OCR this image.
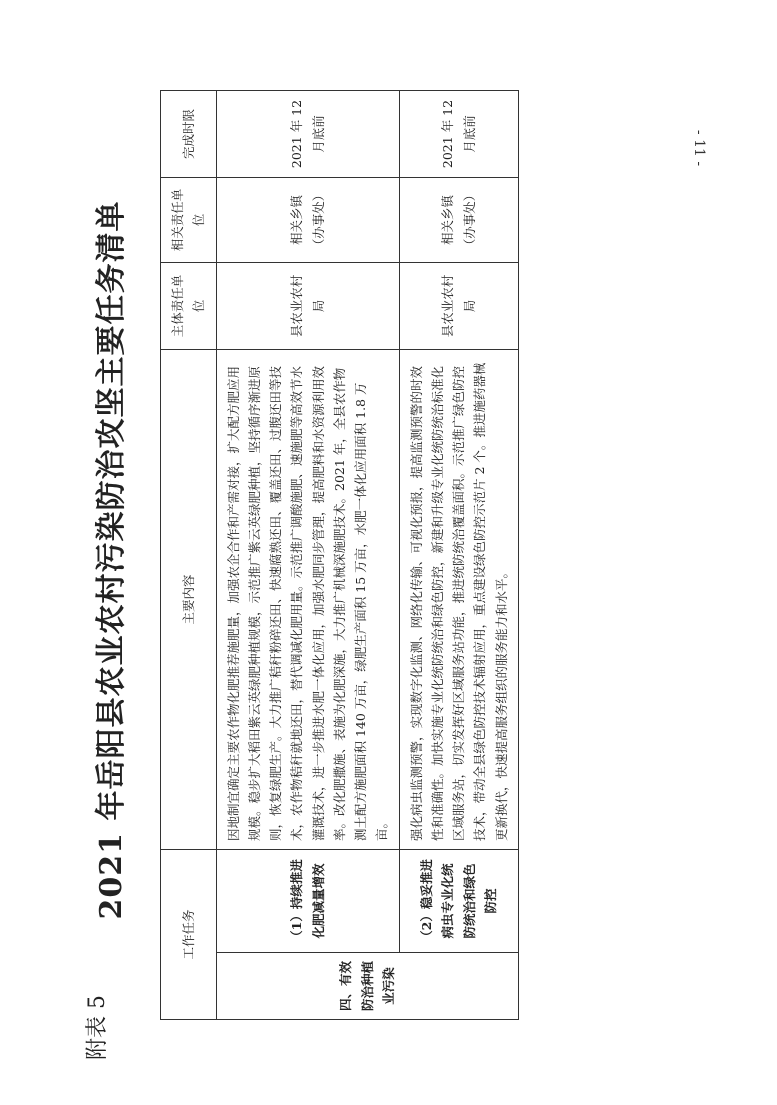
- 11 -
附表 5
2021 年岳阳县农业农村污染防治攻坚主要任务清单
工作任务		主要内容	主体责任单位	相关责任单位	完成时限
四、有效防治种植业污染	（1）持续推进化肥减量增效	因地制宜确定主要农作物化肥推荐施肥量，加强农企合作和产需对接，扩大配方肥应用规模。稳步扩大稻田紫云英绿肥种植规模，示范推广紫云英绿肥种植，坚持循序渐进原则，恢复绿肥生产。大力推广秸秆粉碎还田、快速腐熟还田、覆盖还田、过腹还田等技术，农作物秸秆就地还田，替代调减化肥用量。示范推广调酸施肥、速施肥等高效节水灌溉技术，进一步推进水肥一体化应用，加强水肥同步管理，提高肥料和水资源利用效率。改化肥撒施、表施为化肥深施，大力推广机械深施肥技术。2021 年，全县农作物测土配方施肥面积 140 万亩，绿肥生产面积 15 万亩，水肥一体化应用面积 1.8 万亩。	县农业农村局	相关乡镇（办事处）	2021 年 12 月底前
	（2）稳妥推进病虫专业化统防统治和绿色防控	强化病虫监测预警，实现数字化监测、网络化传输、可视化预报，提高监测预警的时效性和准确性。加快实施专业化统防统治和绿色防控，新建和升级专业化统防统治标准化区域服务站，切实发挥好区域服务站功能，推进统防统治覆盖面积。示范推广绿色防控技术，带动全县绿色防控技术辐射应用，重点建设绿色防控示范片 2 个。推进施药器械更新换代，快速提高服务组织的服务能力和水平。	县农业农村局	相关乡镇（办事处）	2021 年 12 月底前
